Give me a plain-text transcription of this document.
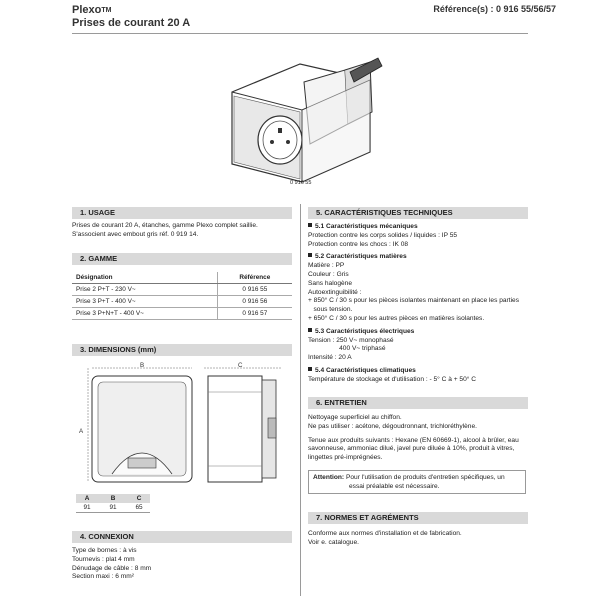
Plexo™
Prises de courant 20 A
Référence(s) : 0 916 55/56/57
0 916 55
1. USAGE
Prises de courant 20 A, étanches, gamme Plexo complet saillie.
S'associent avec embout gris réf. 0 919 14.
2. GAMME
Désignation	Référence
Prise 2 P+T - 230 V~	0 916 55
Prise 3 P+T - 400 V~	0 916 56
Prise 3 P+N+T - 400 V~	0 916 57
3. DIMENSIONS (mm)
A
B	C
A	B	C
91	91	65
4. CONNEXION
Type de bornes : à vis
Tournevis : plat 4 mm
Dénudage de câble : 8 mm
Section maxi : 6 mm²
5. CARACTÉRISTIQUES TECHNIQUES
5.1 Caractéristiques mécaniques
Protection contre les corps solides / liquides : IP 55
Protection contre les chocs : IK 08
5.2 Caractéristiques matières
Matière : PP
Couleur : Gris
Sans halogène
Autoextinguibilité :
+ 850° C / 30 s pour les pièces isolantes maintenant en place les parties
sous tension.
+ 650° C / 30 s pour les autres pièces en matières isolantes.
5.3 Caractéristiques électriques
Tension : 250 V~ monophasé
400 V~ triphasé
Intensité : 20 A
5.4 Caractéristiques climatiques
Température de stockage et d'utilisation : - 5° C à + 50° C
6. ENTRETIEN
Nettoyage superficiel au chiffon.
Ne pas utiliser : acétone, dégoudronnant, trichloréthylène.
Tenue aux produits suivants : Hexane (EN 60669-1), alcool à brûler, eau
savonneuse, ammoniac dilué, javel pure diluée à 10%, produit à vitres,
lingettes pré-imprégnées.
Attention: Pour l'utilisation de produits d'entretien spécifiques, un
essai préalable est nécessaire.
7. NORMES ET AGRÉMENTS
Conforme aux normes d'installation et de fabrication.
Voir e. catalogue.
